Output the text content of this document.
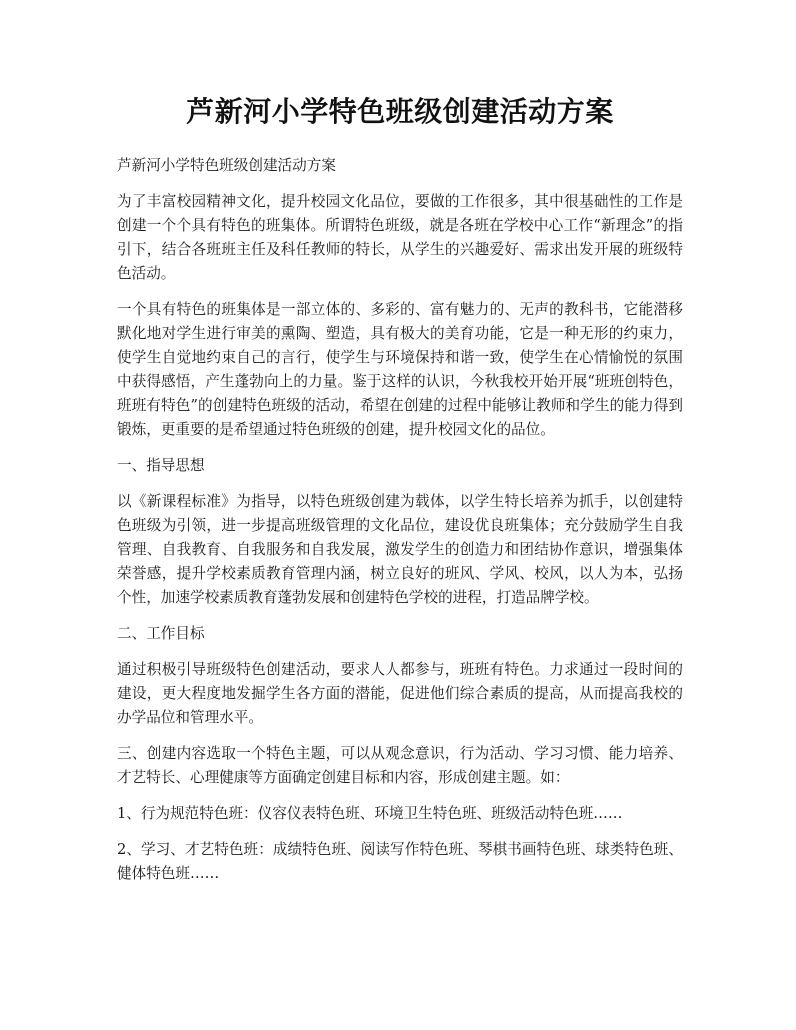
芦新河小学特色班级创建活动方案

芦新河小学特色班级创建活动方案

为了丰富校园精神文化，提升校园文化品位，要做的工作很多，其中很基础性的工作是创建一个个具有特色的班集体。所谓特色班级，就是各班在学校中心工作“新理念”的指引下，结合各班班主任及科任教师的特长，从学生的兴趣爱好、需求出发开展的班级特色活动。

一个具有特色的班集体是一部立体的、多彩的、富有魅力的、无声的教科书，它能潜移默化地对学生进行审美的熏陶、塑造，具有极大的美育功能，它是一种无形的约束力，使学生自觉地约束自己的言行，使学生与环境保持和谐一致，使学生在心情愉悦的氛围中获得感悟，产生蓬勃向上的力量。鉴于这样的认识，今秋我校开始开展“班班创特色，班班有特色”的创建特色班级的活动，希望在创建的过程中能够让教师和学生的能力得到锻炼，更重要的是希望通过特色班级的创建，提升校园文化的品位。

一、指导思想

以《新课程标准》为指导，以特色班级创建为载体，以学生特长培养为抓手，以创建特色班级为引领，进一步提高班级管理的文化品位，建设优良班集体；充分鼓励学生自我管理、自我教育、自我服务和自我发展，激发学生的创造力和团结协作意识，增强集体荣誉感，提升学校素质教育管理内涵，树立良好的班风、学风、校风，以人为本，弘扬个性，加速学校素质教育蓬勃发展和创建特色学校的进程，打造品牌学校。

二、工作目标

通过积极引导班级特色创建活动，要求人人都参与，班班有特色。力求通过一段时间的建设，更大程度地发掘学生各方面的潜能，促进他们综合素质的提高，从而提高我校的办学品位和管理水平。

三、创建内容选取一个特色主题，可以从观念意识，行为活动、学习习惯、能力培养、才艺特长、心理健康等方面确定创建目标和内容，形成创建主题。如：

1、行为规范特色班：仪容仪表特色班、环境卫生特色班、班级活动特色班……

2、学习、才艺特色班：成绩特色班、阅读写作特色班、琴棋书画特色班、球类特色班、健体特色班……
